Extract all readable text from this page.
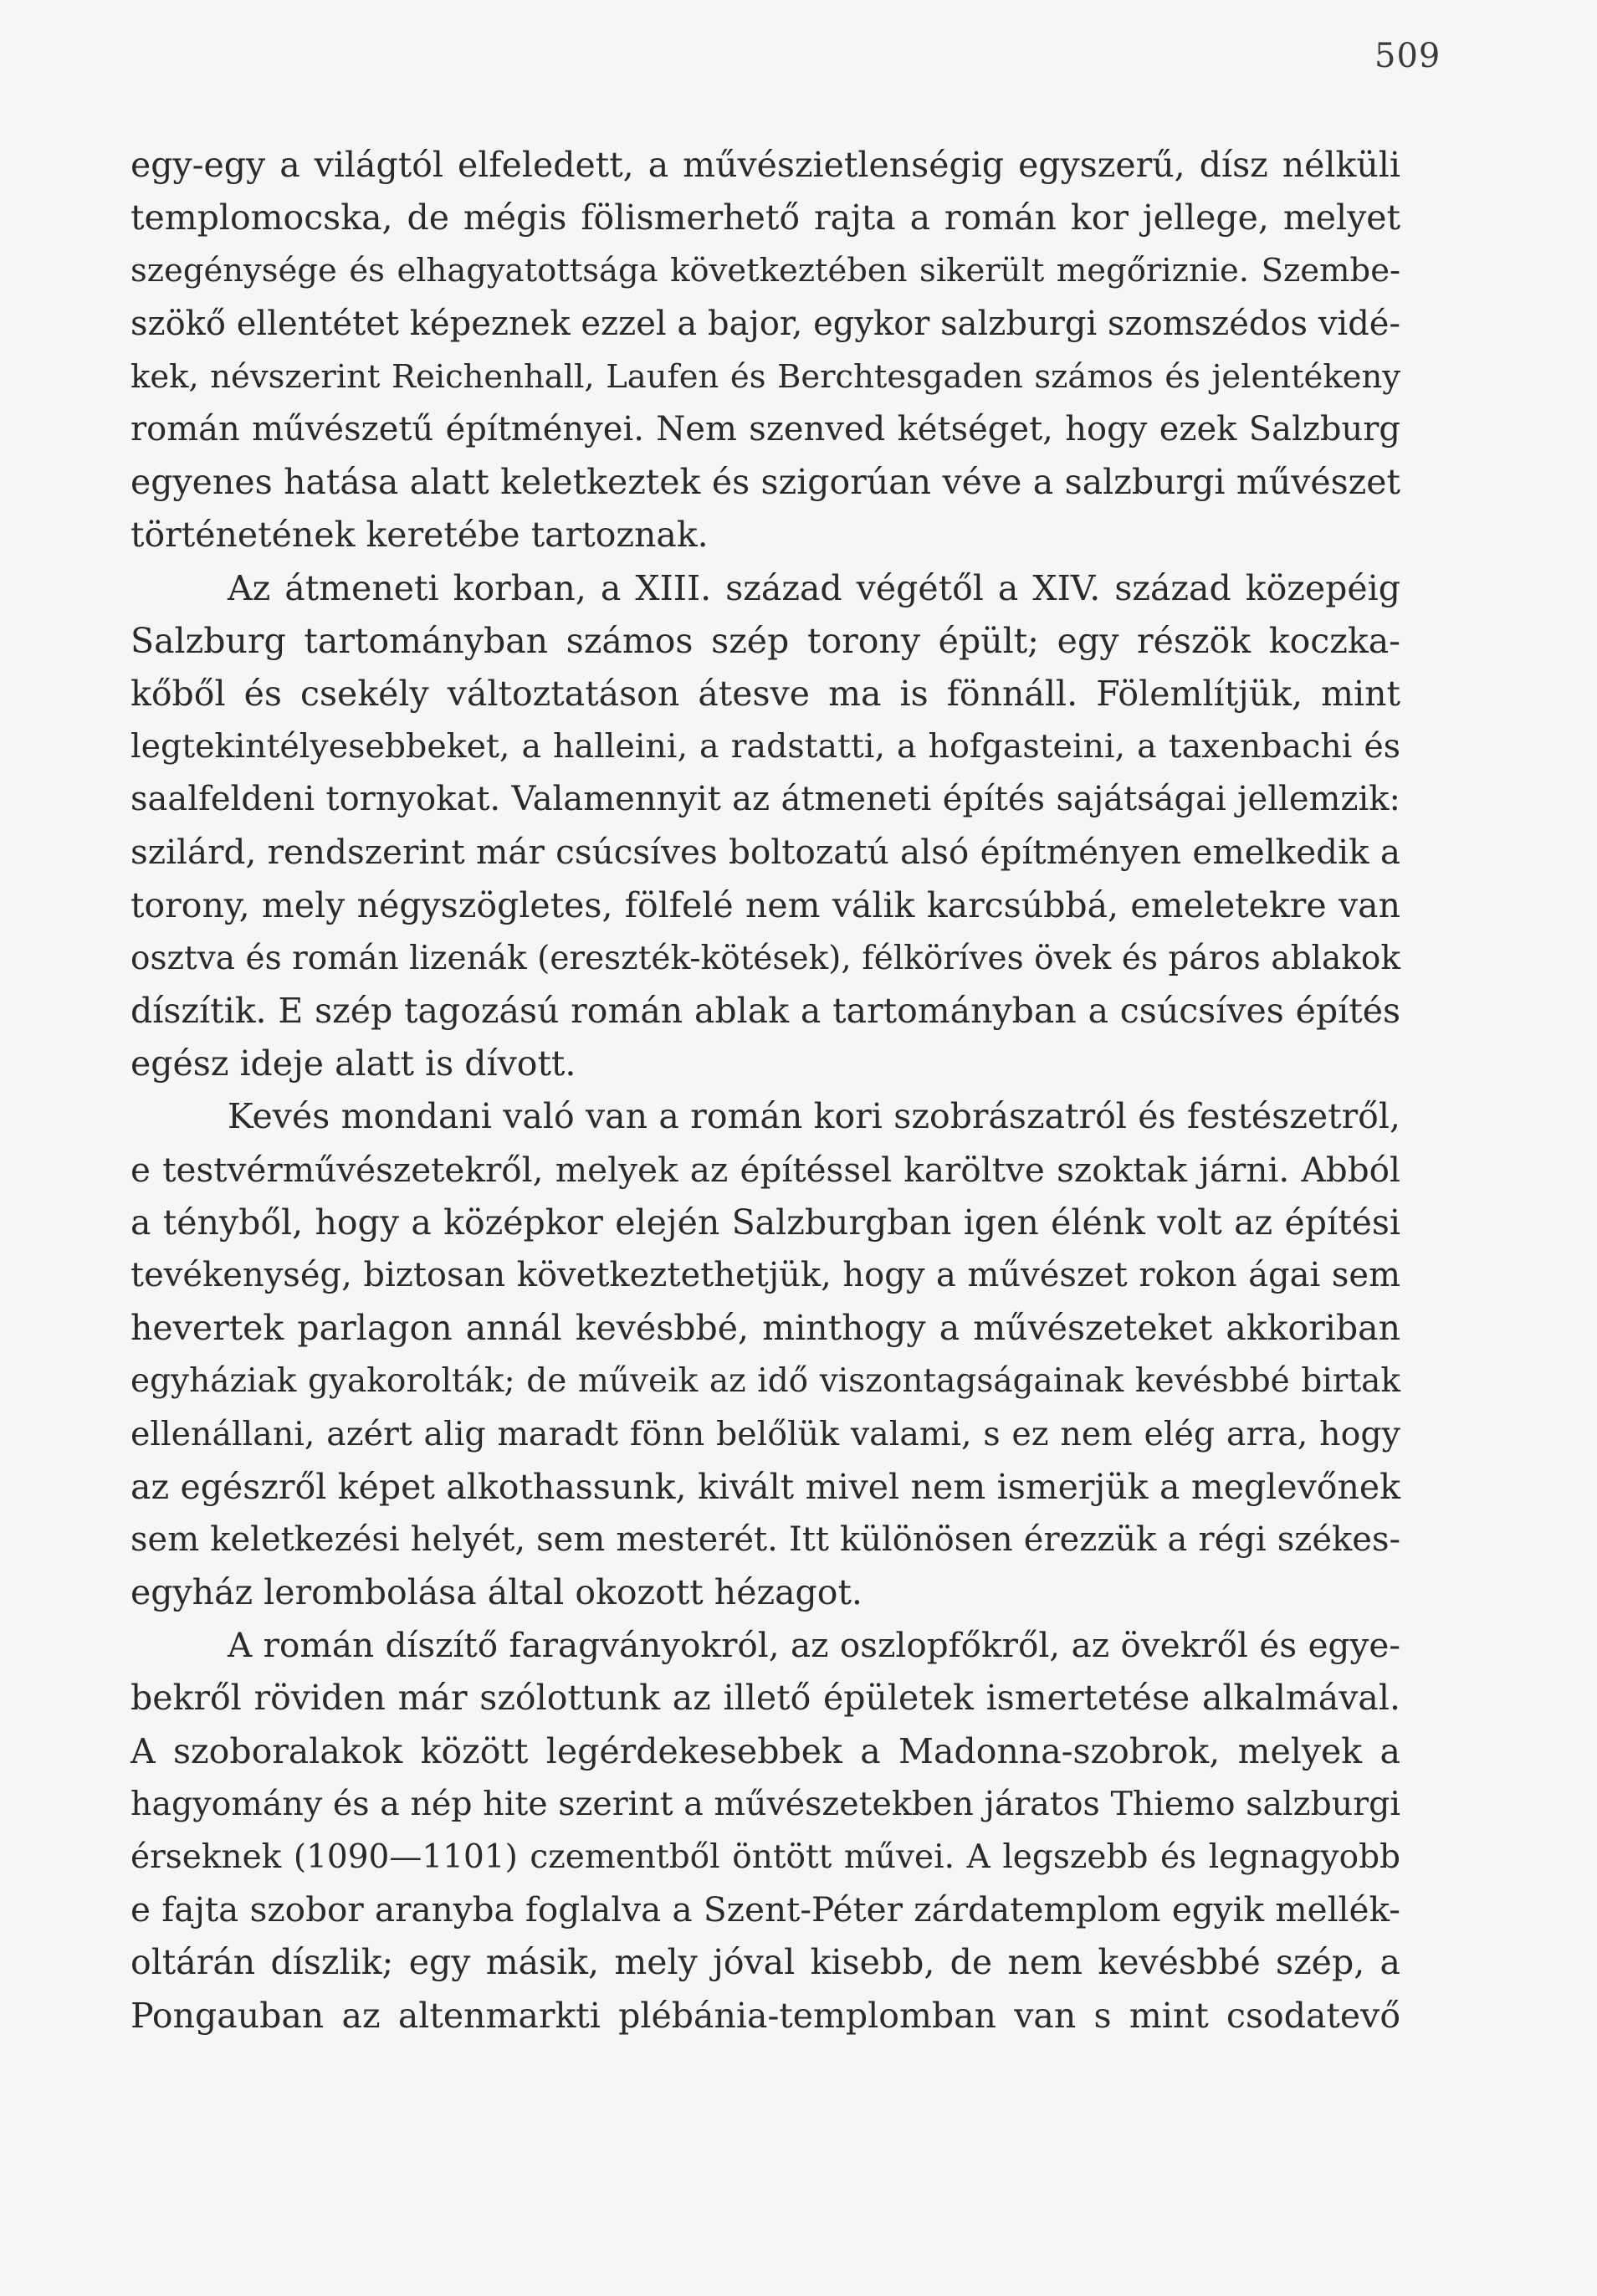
509
egy-egy a világtól elfeledett, a művészietlenségig egyszerű, dísz nélküli
templomocska, de mégis fölismerhető rajta a román kor jellege, melyet
szegénysége és elhagyatottsága következtében sikerült megőriznie. Szembe-
szökő ellentétet képeznek ezzel a bajor, egykor salzburgi szomszédos vidé-
kek, névszerint Reichenhall, Laufen és Berchtesgaden számos és jelentékeny
román művészetű építményei. Nem szenved kétséget, hogy ezek Salzburg
egyenes hatása alatt keletkeztek és szigorúan véve a salzburgi művészet
történetének keretébe tartoznak.
Az átmeneti korban, a XIII. század végétől a XIV. század közepéig
Salzburg tartományban számos szép torony épült; egy részök koczka-
kőből és csekély változtatáson átesve ma is fönnáll. Fölemlítjük, mint
legtekintélyesebbeket, a halleini, a radstatti, a hofgasteini, a taxenbachi és
saalfeldeni tornyokat. Valamennyit az átmeneti építés sajátságai jellemzik:
szilárd, rendszerint már csúcsíves boltozatú alsó építményen emelkedik a
torony, mely négyszögletes, fölfelé nem válik karcsúbbá, emeletekre van
osztva és román lizenák (ereszték-kötések), félköríves övek és páros ablakok
díszítik. E szép tagozású román ablak a tartományban a csúcsíves építés
egész ideje alatt is dívott.
Kevés mondani való van a román kori szobrászatról és festészetről,
e testvérművészetekről, melyek az építéssel karöltve szoktak járni. Abból
a tényből, hogy a középkor elején Salzburgban igen élénk volt az építési
tevékenység, biztosan következtethetjük, hogy a művészet rokon ágai sem
hevertek parlagon annál kevésbbé, minthogy a művészeteket akkoriban
egyháziak gyakorolták; de műveik az idő viszontagságainak kevésbbé birtak
ellenállani, azért alig maradt fönn belőlük valami, s ez nem elég arra, hogy
az egészről képet alkothassunk, kivált mivel nem ismerjük a meglevőnek
sem keletkezési helyét, sem mesterét. Itt különösen érezzük a régi székes-
egyház lerombolása által okozott hézagot.
A román díszítő faragványokról, az oszlopfőkről, az övekről és egye-
bekről röviden már szólottunk az illető épületek ismertetése alkalmával.
A szoboralakok között legérdekesebbek a Madonna-szobrok, melyek a
hagyomány és a nép hite szerint a művészetekben járatos Thiemo salzburgi
érseknek (1090—1101) czementből öntött művei. A legszebb és legnagyobb
e fajta szobor aranyba foglalva a Szent-Péter zárdatemplom egyik mellék-
oltárán díszlik; egy másik, mely jóval kisebb, de nem kevésbbé szép, a
Pongauban az altenmarkti plébánia-templomban van s mint csodatevő
